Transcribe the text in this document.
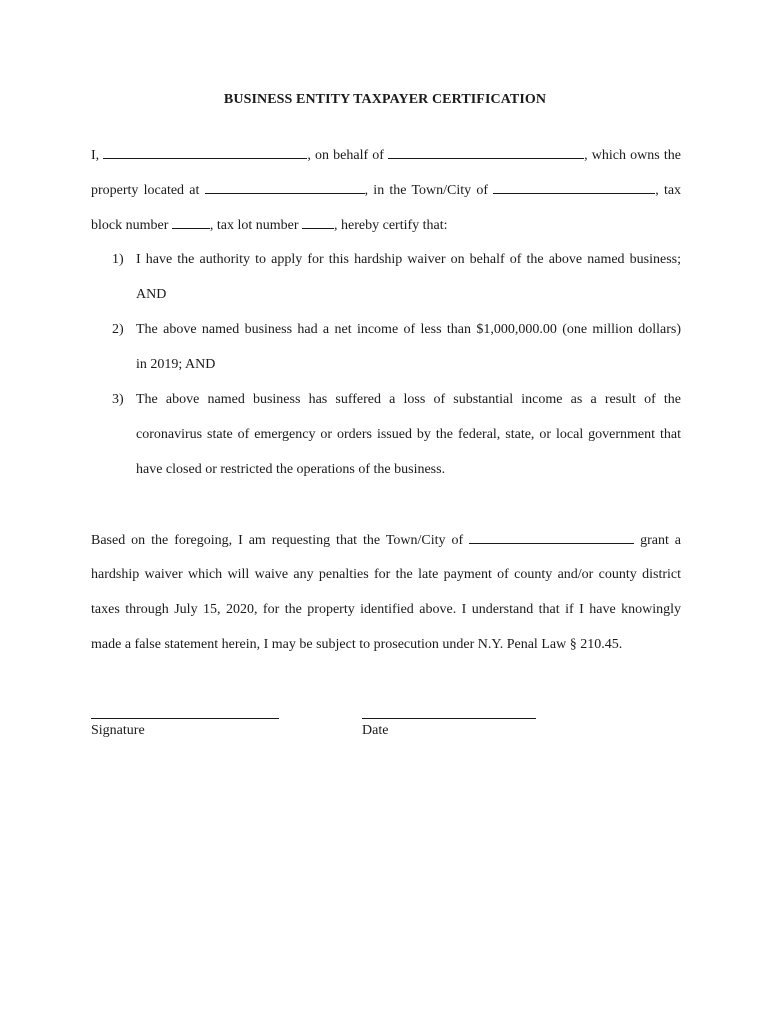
BUSINESS ENTITY TAXPAYER CERTIFICATION
I,	, on behalf of	, which owns the
property located at	, in the Town/City of	, tax
block number	, tax lot number	, hereby certify that:
1) I have the authority to apply for this hardship waiver on behalf of the above named business;
AND
2) The above named business had a net income of less than $1,000,000.00 (one million dollars)
in 2019; AND
3) The above named business has suffered a loss of substantial income as a result of the
coronavirus state of emergency or orders issued by the federal, state, or local government that
have closed or restricted the operations of the business.
Based on the foregoing, I am requesting that the Town/City of	grant a
hardship waiver which will waive any penalties for the late payment of county and/or county district
taxes through July 15, 2020, for the property identified above. I understand that if I have knowingly
made a false statement herein, I may be subject to prosecution under N.Y. Penal Law § 210.45.
Signature	Date
